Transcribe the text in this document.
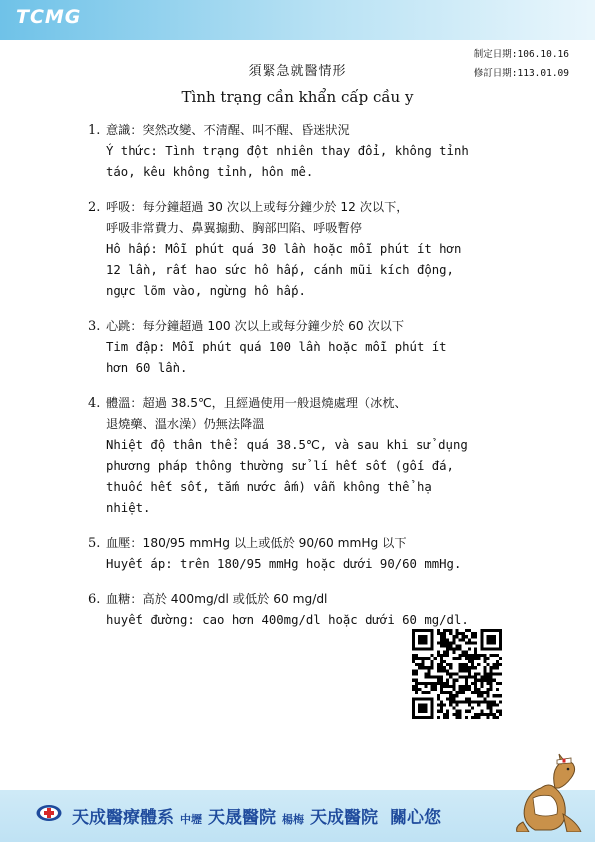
TCMG
制定日期:106.10.16
修訂日期:113.01.09
須緊急就醫情形
Tình trạng cần khẩn cấp cầu y
1. 意識：突然改變、不清醒、叫不醒、昏迷狀況
Ý thức: Tình trạng đột nhiên thay đổi, không tỉnh
táo, kêu không tỉnh, hôn mê.
2. 呼吸：每分鐘超過 30 次以上或每分鐘少於 12 次以下，
呼吸非常費力、鼻翼搧動、胸部凹陷、呼吸暫停
Hô hấp: Mỗi phút quá 30 lần hoặc mỗi phút ít hơn
12 lần, rất hao sức hô hấp, cánh mũi kích động,
ngực lõm vào, ngừng hô hấp.
3. 心跳：每分鐘超過 100 次以上或每分鐘少於 60 次以下
Tim đập: Mỗi phút quá 100 lần hoặc mỗi phút ít
hơn 60 lần.
4. 體溫：超過 38.5℃，且經過使用一般退燒處理（冰枕、
退燒藥、溫水澡）仍無法降溫
Nhiệt độ thân thể: quá 38.5℃, và sau khi sử dụng
phương pháp thông thường sử lí hết sốt (gối đá,
thuốc hết sốt, tắm nước ấm) vẫn không thể hạ
nhiệt.
5. 血壓：180/95 mmHg 以上或低於 90/60 mmHg 以下
Huyết áp: trên 180/95 mmHg hoặc dưới 90/60 mmHg.
6. 血糖：高於 400mg/dl 或低於 60 mg/dl
huyết đường: cao hơn 400mg/dl hoặc dưới 60 mg/dl.
天成醫療體系 中壢 天晟醫院 楊梅 天成醫院 關心您
